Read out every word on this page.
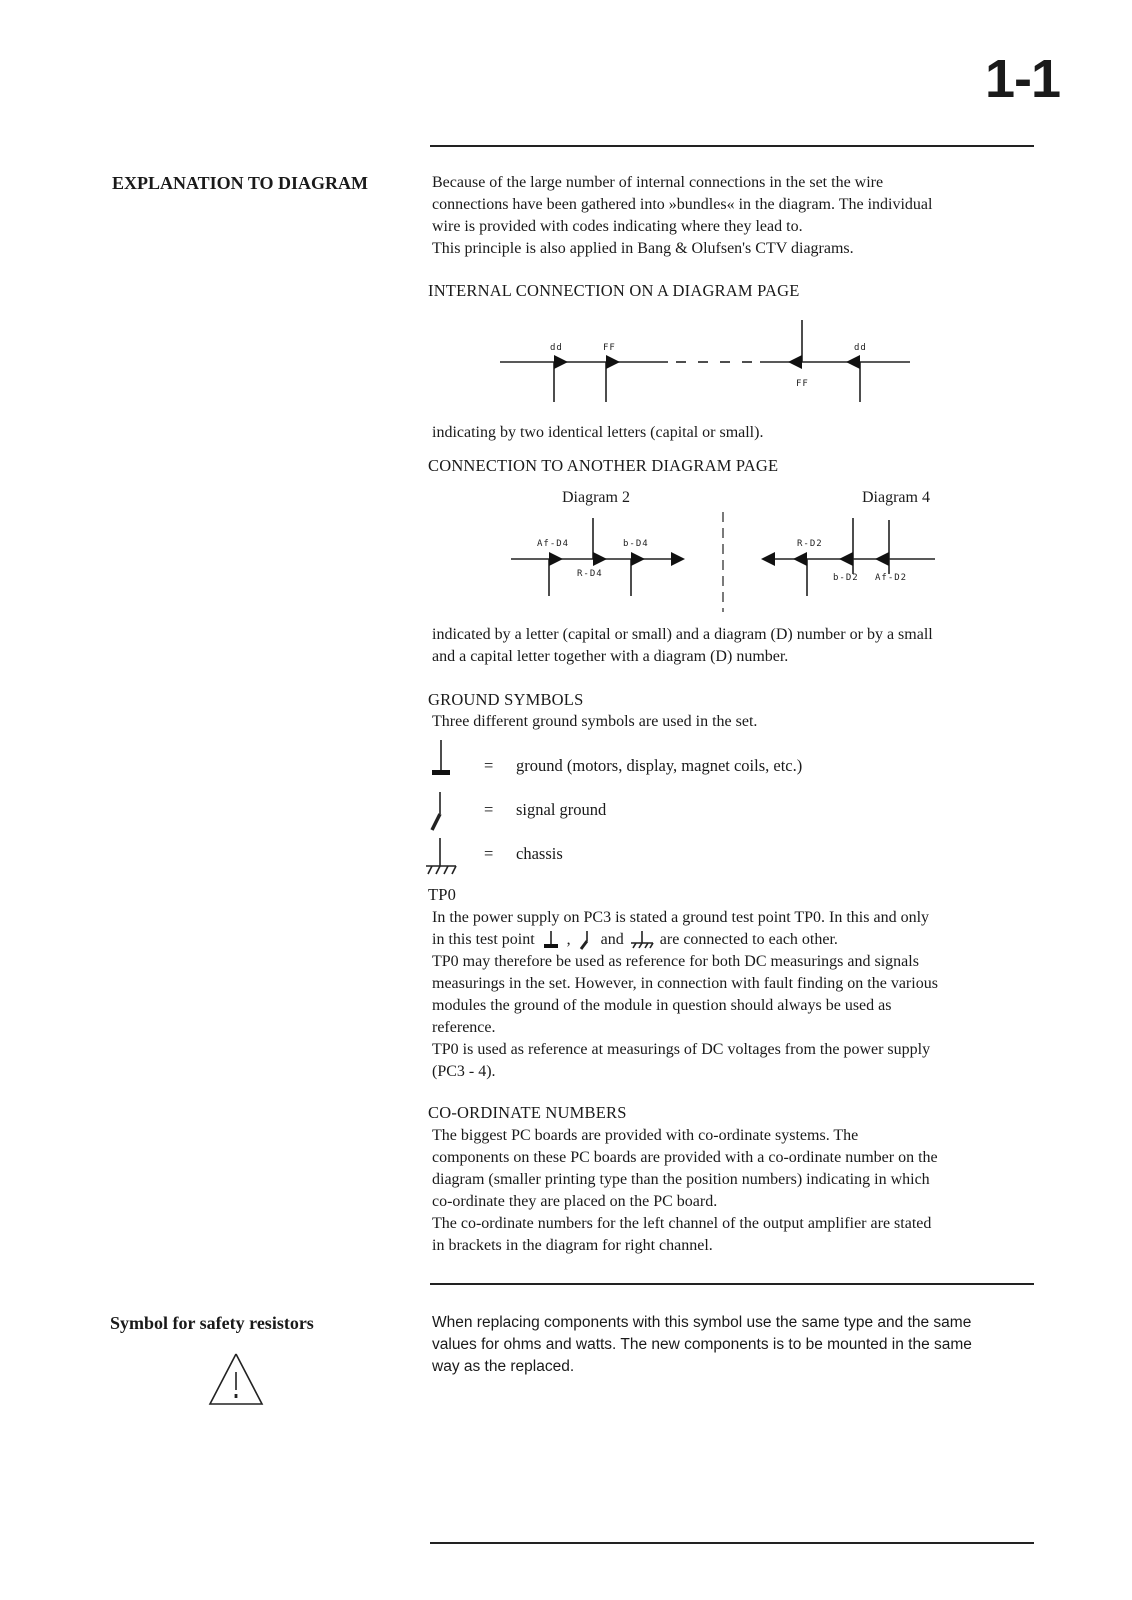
1-1
EXPLANATION TO DIAGRAM	Because of the large number of internal connections in the set the wire
connections have been gathered into »bundles« in the diagram. The individual
wire is provided with codes indicating where they lead to.
This principle is also applied in Bang & Olufsen's CTV diagrams.
INTERNAL CONNECTION ON A DIAGRAM PAGE
dd	FF	dd
FF
indicating by two identical letters (capital or small).
CONNECTION TO ANOTHER DIAGRAM PAGE
Diagram 2	Diagram 4
Af-D4	b-D4
R-D4
R-D2
b-D2 Af-D2
indicated by a letter (capital or small) and a diagram (D) number or by a small
and a capital letter together with a diagram (D) number.
GROUND SYMBOLS
Three different ground symbols are used in the set.
= ground (motors, display, magnet coils, etc.)
= signal ground
= chassis
TP0
In the power supply on PC3 is stated a ground test point TP0. In this and only
in this test point , and are connected to each other.
TP0 may therefore be used as reference for both DC measurings and signals
measurings in the set. However, in connection with fault finding on the various
modules the ground of the module in question should always be used as
reference.
TP0 is used as reference at measurings of DC voltages from the power supply
(PC3 - 4).
CO-ORDINATE NUMBERS
The biggest PC boards are provided with co-ordinate systems. The
components on these PC boards are provided with a co-ordinate number on the
diagram (smaller printing type than the position numbers) indicating in which
co-ordinate they are placed on the PC board.
The co-ordinate numbers for the left channel of the output amplifier are stated
in brackets in the diagram for right channel.
Symbol for safety resistors	When replacing components with this symbol use the same type and the same
values for ohms and watts. The new components is to be mounted in the same
way as the replaced.
